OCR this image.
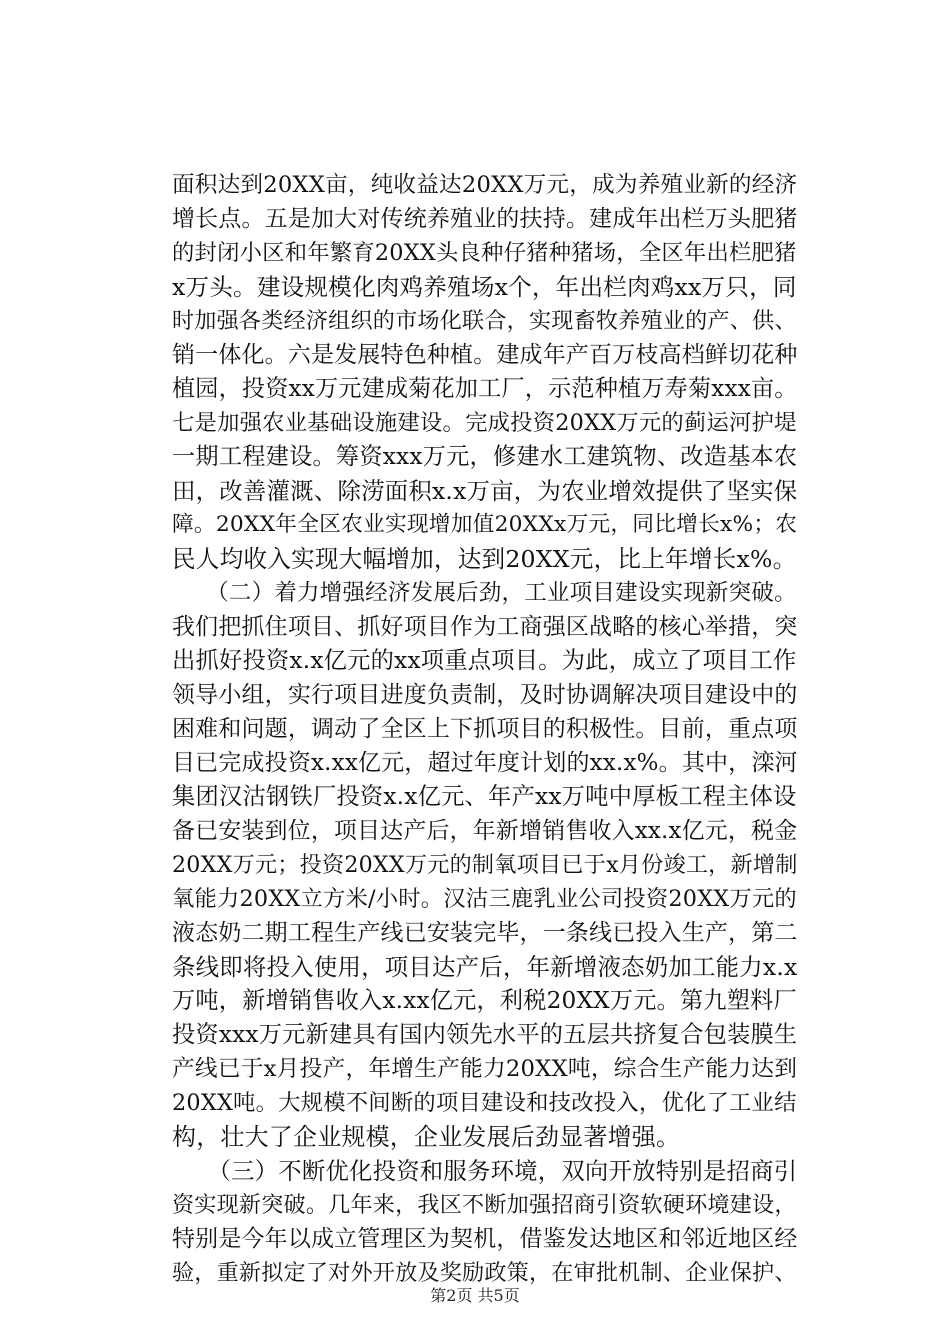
面积达到20XX亩，纯收益达20XX万元，成为养殖业新的经济
增长点。五是加大对传统养殖业的扶持。建成年出栏万头肥猪
的封闭小区和年繁育20XX头良种仔猪种猪场，全区年出栏肥猪
x万头。建设规模化肉鸡养殖场x个，年出栏肉鸡xx万只，同
时加强各类经济组织的市场化联合，实现畜牧养殖业的产、供、
销一体化。六是发展特色种植。建成年产百万枝高档鲜切花种
植园，投资xx万元建成菊花加工厂，示范种植万寿菊xxx亩。
七是加强农业基础设施建设。完成投资20XX万元的蓟运河护堤
一期工程建设。筹资xxx万元，修建水工建筑物、改造基本农
田，改善灌溉、除涝面积x.x万亩，为农业增效提供了坚实保
障。20XX年全区农业实现增加值20XXx万元，同比增长x%；农
民人均收入实现大幅增加，达到20XX元，比上年增长x%。
　　（二）着力增强经济发展后劲，工业项目建设实现新突破。
我们把抓住项目、抓好项目作为工商强区战略的核心举措，突
出抓好投资x.x亿元的xx项重点项目。为此，成立了项目工作
领导小组，实行项目进度负责制，及时协调解决项目建设中的
困难和问题，调动了全区上下抓项目的积极性。目前，重点项
目已完成投资x.xx亿元，超过年度计划的xx.x%。其中，滦河
集团汉沽钢铁厂投资x.x亿元、年产xx万吨中厚板工程主体设
备已安装到位，项目达产后，年新增销售收入xx.x亿元，税金
20XX万元；投资20XX万元的制氧项目已于x月份竣工，新增制
氧能力20XX立方米/小时。汉沽三鹿乳业公司投资20XX万元的
液态奶二期工程生产线已安装完毕，一条线已投入生产，第二
条线即将投入使用，项目达产后，年新增液态奶加工能力x.x
万吨，新增销售收入x.xx亿元，利税20XX万元。第九塑料厂
投资xxx万元新建具有国内领先水平的五层共挤复合包装膜生
产线已于x月投产，年增生产能力20XX吨，综合生产能力达到
20XX吨。大规模不间断的项目建设和技改投入，优化了工业结
构，壮大了企业规模，企业发展后劲显著增强。
　　（三）不断优化投资和服务环境，双向开放特别是招商引
资实现新突破。几年来，我区不断加强招商引资软硬环境建设，
特别是今年以成立管理区为契机，借鉴发达地区和邻近地区经
验，重新拟定了对外开放及奖励政策，在审批机制、企业保护、
第2页 共5页
